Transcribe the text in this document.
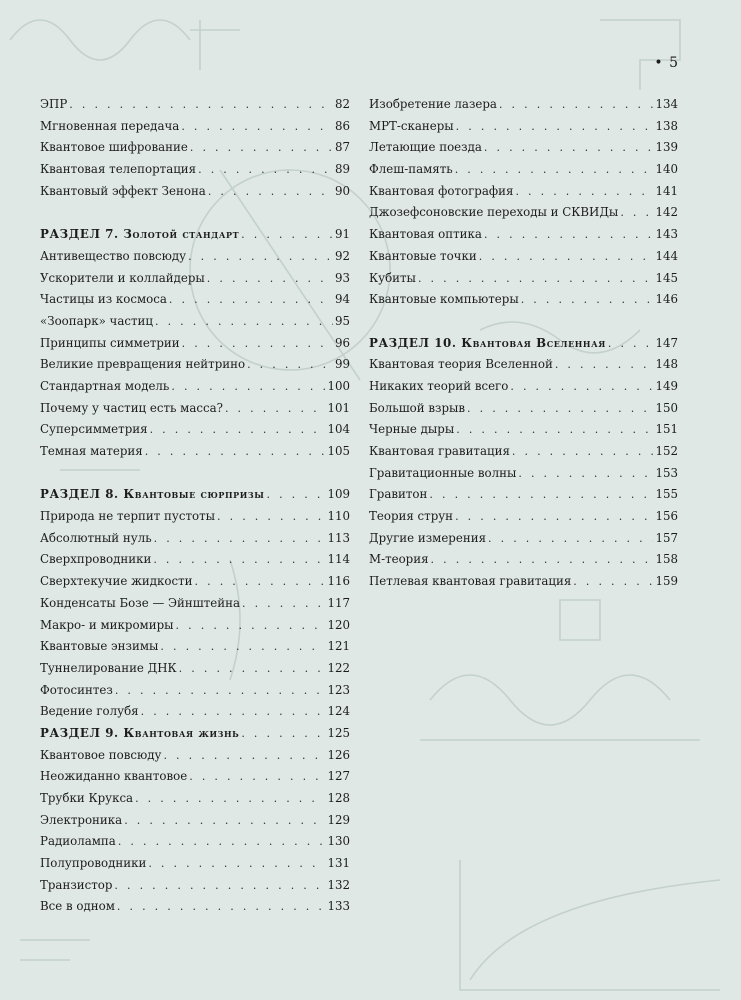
• 5
ЭПР . . .	82
Мгновенная передача . . .	86
Квантовое шифрование . . .	87
Квантовая телепортация . . .	89
Квантовый эффект Зенона . . .	90
РАЗДЕЛ 7. Золотой стандарт . . .	91
Антивещество повсюду . . .	92
Ускорители и коллайдеры . . .	93
Частицы из космоса . . .	94
«Зоопарк» частиц . . .	95
Принципы симметрии . . .	96
Великие превращения нейтрино . . .	99
Стандартная модель . . .	100
Почему у частиц есть масса? . . .	101
Суперсимметрия . . .	104
Темная материя . . .	105
РАЗДЕЛ 8. Квантовые сюрпризы . . .	109
Природа не терпит пустоты . . .	110
Абсолютный нуль . . .	113
Сверхпроводники . . .	114
Сверхтекучие жидкости . . .	116
Конденсаты Бозе — Эйнштейна . . .	117
Макро- и микромиры . . .	120
Квантовые энзимы . . .	121
Туннелирование ДНК . . .	122
Фотосинтез . . .	123
Ведение голубя . . .	124
РАЗДЕЛ 9. Квантовая жизнь . . .	125
Квантовое повсюду . . .	126
Неожиданно квантовое . . .	127
Трубки Крукса . . .	128
Электроника . . .	129
Радиолампа . . .	130
Полупроводники . . .	131
Транзистор . . .	132
Все в одном . . .	133
Изобретение лазера . . .	134
МРТ-сканеры . . .	138
Летающие поезда . . .	139
Флеш-память . . .	140
Квантовая фотография . . .	141
Джозефсоновские переходы и СКВИДы . . .	142
Квантовая оптика . . .	143
Квантовые точки . . .	144
Кубиты . . .	145
Квантовые компьютеры . . .	146
РАЗДЕЛ 10. Квантовая Вселенная . . .	147
Квантовая теория Вселенной . . .	148
Никаких теорий всего . . .	149
Большой взрыв . . .	150
Черные дыры . . .	151
Квантовая гравитация . . .	152
Гравитационные волны . . .	153
Гравитон . . .	155
Теория струн . . .	156
Другие измерения . . .	157
М-теория . . .	158
Петлевая квантовая гравитация . . .	159
